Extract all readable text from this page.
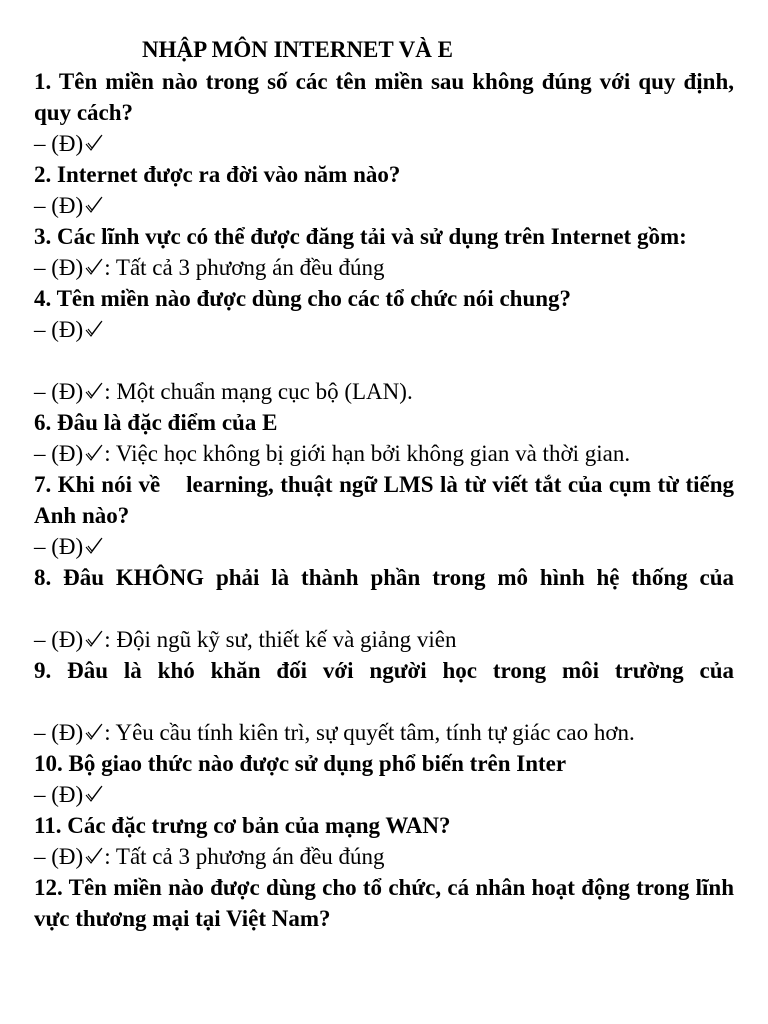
NHẬP MÔN INTERNET VÀ E
1. Tên miền nào trong số các tên miền sau không đúng với quy định, quy cách?
– (Đ)
2. Internet được ra đời vào năm nào?
– (Đ)
3. Các lĩnh vực có thể được đăng tải và sử dụng trên Internet gồm:
– (Đ) : Tất cả 3 phương án đều đúng
4. Tên miền nào được dùng cho các tổ chức nói chung?
– (Đ)
– (Đ) : Một chuẩn mạng cục bộ (LAN).
6. Đâu là đặc điểm của E
– (Đ) : Việc học không bị giới hạn bởi không gian và thời gian.
7. Khi nói về learning, thuật ngữ LMS là từ viết tắt của cụm từ tiếng Anh nào?
– (Đ)
8. Đâu KHÔNG phải là thành phần trong mô hình hệ thống của
– (Đ) : Đội ngũ kỹ sư, thiết kế và giảng viên
9. Đâu là khó khăn đối với người học trong môi trường của
– (Đ) : Yêu cầu tính kiên trì, sự quyết tâm, tính tự giác cao hơn.
10. Bộ giao thức nào được sử dụng phổ biến trên Inter
– (Đ)
11. Các đặc trưng cơ bản của mạng WAN?
– (Đ) : Tất cả 3 phương án đều đúng
12. Tên miền nào được dùng cho tổ chức, cá nhân hoạt động trong lĩnh vực thương mại tại Việt Nam?
